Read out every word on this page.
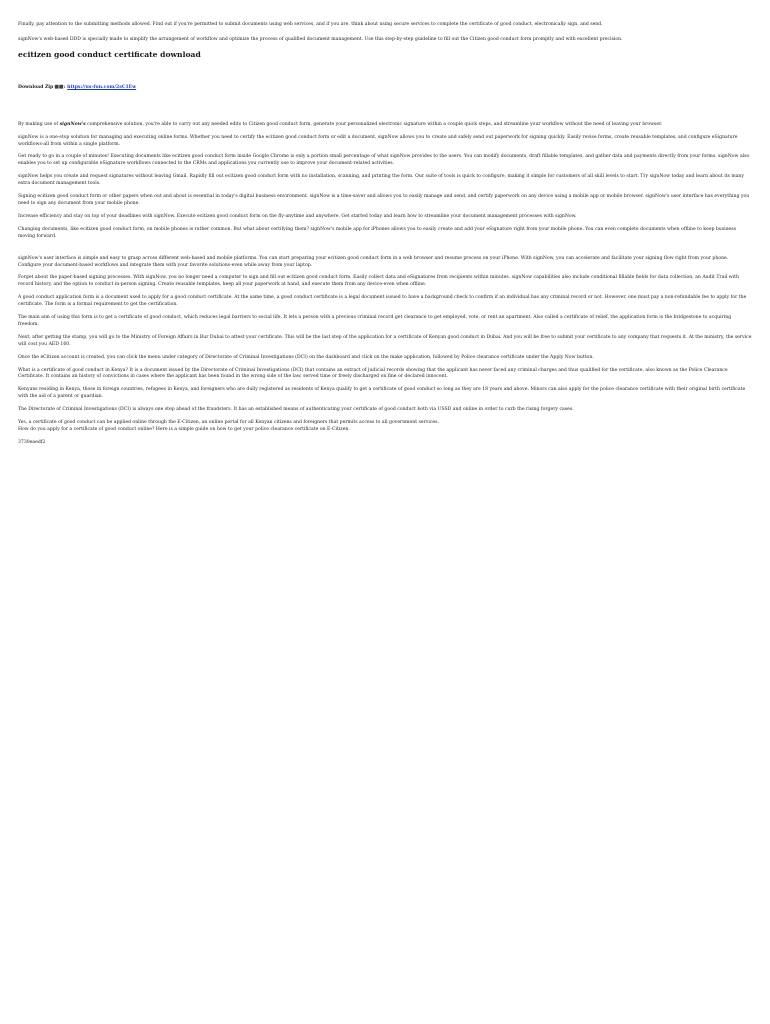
Finally, pay attention to the submitting methods allowed. Find out if you're permitted to submit documents using web services, and if you are, think about using secure services to complete the certificate of good conduct, electronically sign, and send.

signNow's web-based DDD is specially made to simplify the arrangement of workflow and optimize the process of qualified document management. Use this step-by-step guideline to fill out the Citizen good conduct form promptly and with excellent precision.

ecitizen good conduct certificate download
Download Zip ⬛⬛: https://us-fun.com/2sC1Ew

By making use of signNow's comprehensive solution, you're able to carry out any needed edits to Citizen good conduct form, generate your personalized electronic signature within a couple quick steps, and streamline your workflow without the need of leaving your browser.

signNow is a one-stop solution for managing and executing online forms. Whether you need to certify the ecitizen good conduct form or edit a document, signNow allows you to create and safely send out paperwork for signing quickly. Easily revise forms, create reusable templates, and configure eSignature workflows-all from within a single platform.

Get ready to go in a couple of minutes! Executing documents like ecitizen good conduct form inside Google Chrome is only a portion small percentage of what signNow provides to the users. You can modify documents, draft fillable templates, and gather data and payments directly from your forms. signNow also enables you to set up configurable eSignature workflows connected to the CRMs and applications you currently use to improve your document-related activities.

signNow helps you create and request signatures without leaving Gmail. Rapidly fill out ecitizen good conduct form with no installation, scanning, and printing the form. Our suite of tools is quick to configure, making it simple for customers of all skill levels to start. Try signNow today and learn about its many extra document management tools.

Signing ecitizen good conduct form or other papers when out and about is essential in today's digital business environment. signNow is a time-saver and allows you to easily manage and send, and certify paperwork on any device using a mobile app or mobile browser. signNow's user interface has everything you need to sign any document from your mobile phone.

Increase efficiency and stay on top of your deadlines with signNow. Execute ecitizen good conduct form on the fly-anytime and anywhere. Get started today and learn how to streamline your document management processes with signNow.

Changing documents, like ecitizen good conduct form, on mobile phones is rather common. But what about certifying them? signNow's mobile app for iPhones allows you to easily create and add your eSignature right from your mobile phone. You can even complete documents when offline to keep business moving forward.

signNow's user interface is simple and easy to grasp across different web-based and mobile platforms. You can start preparing your ecitizen good conduct form in a web browser and resume process on your iPhone. With signNow, you can accelerate and facilitate your signing flow right from your phone. Configure your document-based workflows and integrate them with your favorite solutions-even while away from your laptop.

Forget about the paper-based signing processes. With signNow, you no longer need a computer to sign and fill out ecitizen good conduct form. Easily collect data and eSignatures from recipients within minutes. signNow capabilities also include conditional fillable fields for data collection, an Audit Trail with record history, and the option to conduct in-person signing. Create reusable templates, keep all your paperwork at hand, and execute them from any device-even when offline.

A good conduct application form is a document used to apply for a good conduct certificate. At the same time, a good conduct certificate is a legal document issued to have a background check to confirm if an individual has any criminal record or not. However, one must pay a non-refundable fee to apply for the certificate. The form is a formal requirement to get the certification.

The main aim of using this form is to get a certificate of good conduct, which reduces legal barriers to social life. It lets a person with a previous criminal record get clearance to get employed, vote, or rent an apartment. Also called a certificate of relief, the application form is the bridgestone to acquiring freedom.

Next, after getting the stamp, you will go to the Ministry of Foreign Affairs in Bur Dubai to attest your certificate. This will be the last step of the application for a certificate of Kenyan good conduct in Dubai. And you will be free to submit your certificate to any company that requests it. At the ministry, the service will cost you AED 160.

Once the eCitizen account is created, you can click the menu under category of Directorate of Criminal Investigations (DCI) on the dashboard and click on the make application, followed by Police clearance certificate under the Apply Now button.

What is a certificate of good conduct in Kenya? It is a document issued by the Directorate of Criminal Investigations (DCI) that contains an extract of judicial records showing that the applicant has never faced any criminal charges and thus qualified for the certificate, also known as the Police Clearance Certificate. It contains an history of convictions in cases where the applicant has been found in the wrong side of the law, served time or freely discharged on fine or declared innocent.

Kenyans residing in Kenya, those in foreign countries, refugees in Kenya, and foreigners who are dully registered as residents of Kenya qualify to get a certificate of good conduct so long as they are 18 years and above. Minors can also apply for the police clearance certificate with their original birth certificate with the aid of a parent or guardian.

The Directorate of Criminal Investigations (DCI) is always one step ahead of the fraudsters. It has an established means of authenticating your certificate of good conduct both via USSD and online in order to curb the rising forgery cases.

Yes, a certificate of good conduct can be applied online through the E-Citizen, an online portal for all Kenyan citizens and foreigners that permits access to all government services.
How do you apply for a certificate of good conduct online? Here is a simple guide on how to get your police clearance certificate on E-Citizen.

3730eaedf2
